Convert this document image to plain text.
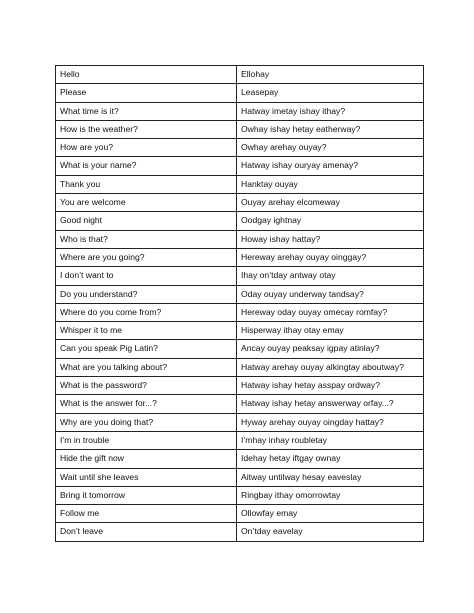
Hello	Ellohay
Please	Leasepay
What time is it?	Hatway imetay ishay ithay?
How is the weather?	Owhay ishay hetay eatherway?
How are you?	Owhay arehay ouyay?
What is your name?	Hatway ishay ouryay amenay?
Thank you	Hanktay ouyay
You are welcome	Ouyay arehay elcomeway
Good night	Oodgay ightnay
Who is that?	Howay ishay hattay?
Where are you going?	Hereway arehay ouyay oinggay?
I don’t want to	Ihay on’tday antway otay
Do you understand?	Oday ouyay underway tandsay?
Where do you come from?	Hereway oday ouyay omecay romfay?
Whisper it to me	Hisperway ithay otay emay
Can you speak Pig Latin?	Ancay ouyay peaksay igpay atinlay?
What are you talking about?	Hatway arehay ouyay alkingtay aboutway?
What is the password?	Hatway ishay hetay asspay ordway?
What is the answer for...?	Hatway ishay hetay answerway orfay...?
Why are you doing that?	Hyway arehay ouyay oingday hattay?
I’m in trouble	I’mhay inhay roubletay
Hide the gift now	Idehay hetay iftgay ownay
Wait until she leaves	Aitway untilway hesay eaveslay
Bring it tomorrow	Ringbay ithay omorrowtay
Follow me	Ollowfay emay
Don’t leave	On’tday eavelay
